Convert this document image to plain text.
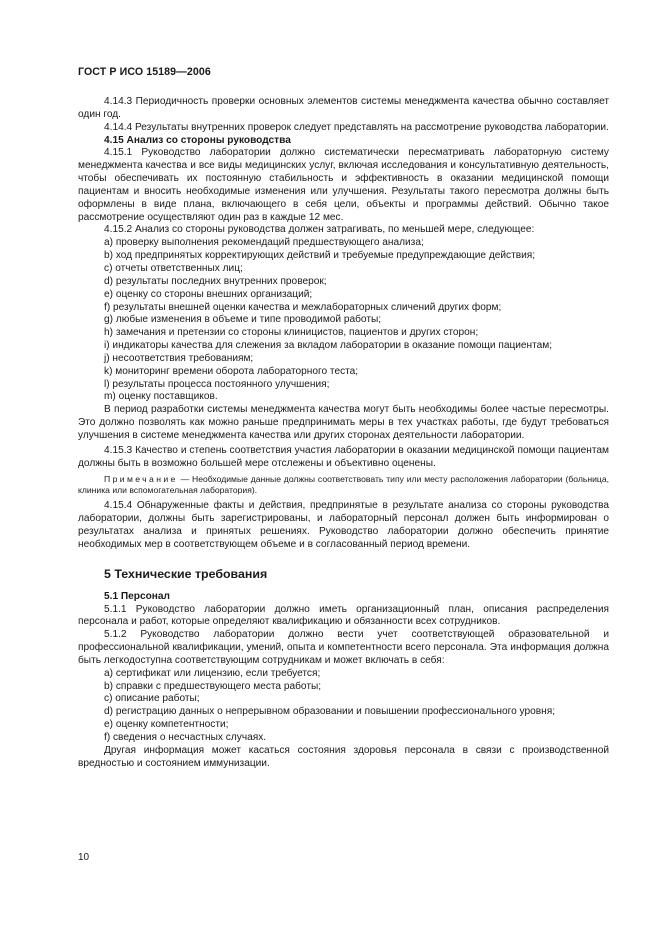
ГОСТ Р ИСО 15189—2006

4.14.3 Периодичность проверки основных элементов системы менеджмента качества обычно составляет один год.

4.14.4 Результаты внутренних проверок следует представлять на рассмотрение руководства лаборатории.

4.15 Анализ со стороны руководства

4.15.1 Руководство лаборатории должно систематически пересматривать лабораторную систему менеджмента качества и все виды медицинских услуг, включая исследования и консультативную деятельность, чтобы обеспечивать их постоянную стабильность и эффективность в оказании медицинской помощи пациентам и вносить необходимые изменения или улучшения. Результаты такого пересмотра должны быть оформлены в виде плана, включающего в себя цели, объекты и программы действий. Обычно такое рассмотрение осуществляют один раз в каждые 12 мес.

4.15.2 Анализ со стороны руководства должен затрагивать, по меньшей мере, следующее:

a) проверку выполнения рекомендаций предшествующего анализа;

b) ход предпринятых корректирующих действий и требуемые предупреждающие действия;

c) отчеты ответственных лиц;

d) результаты последних внутренних проверок;

e) оценку со стороны внешних организаций;

f) результаты внешней оценки качества и межлабораторных сличений других форм;

g) любые изменения в объеме и типе проводимой работы;

h) замечания и претензии со стороны клиницистов, пациентов и других сторон;

i) индикаторы качества для слежения за вкладом лаборатории в оказание помощи пациентам;

j) несоответствия требованиям;

k) мониторинг времени оборота лабораторного теста;

l) результаты процесса постоянного улучшения;

m) оценку поставщиков.

В период разработки системы менеджмента качества могут быть необходимы более частые пересмотры. Это должно позволять как можно раньше предпринимать меры в тех участках работы, где будут требоваться улучшения в системе менеджмента качества или других сторонах деятельности лаборатории.

4.15.3 Качество и степень соответствия участия лаборатории в оказании медицинской помощи пациентам должны быть в возможно большей мере отслежены и объективно оценены.

Примечание — Необходимые данные должны соответствовать типу или месту расположения лаборатории (больница, клиника или вспомогательная лаборатория).

4.15.4 Обнаруженные факты и действия, предпринятые в результате анализа со стороны руководства лаборатории, должны быть зарегистрированы, и лабораторный персонал должен быть информирован о результатах анализа и принятых решениях. Руководство лаборатории должно обеспечить принятие необходимых мер в соответствующем объеме и в согласованный период времени.

5 Технические требования

5.1 Персонал

5.1.1 Руководство лаборатории должно иметь организационный план, описания распределения персонала и работ, которые определяют квалификацию и обязанности всех сотрудников.

5.1.2 Руководство лаборатории должно вести учет соответствующей образовательной и профессиональной квалификации, умений, опыта и компетентности всего персонала. Эта информация должна быть легкодоступна соответствующим сотрудникам и может включать в себя:

a) сертификат или лицензию, если требуется;

b) справки с предшествующего места работы;

c) описание работы;

d) регистрацию данных о непрерывном образовании и повышении профессионального уровня;

e) оценку компетентности;

f) сведения о несчастных случаях.

Другая информация может касаться состояния здоровья персонала в связи с производственной вредностью и состоянием иммунизации.

10
